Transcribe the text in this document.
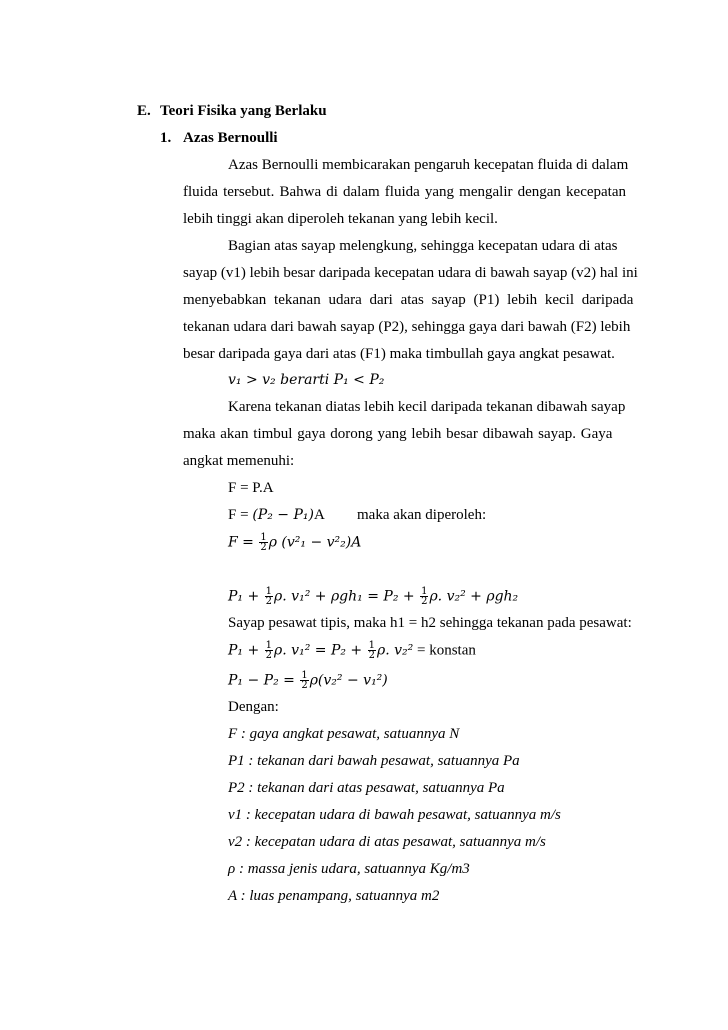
E. Teori Fisika yang Berlaku
1. Azas Bernoulli
Azas Bernoulli membicarakan pengaruh kecepatan fluida di dalam
fluida tersebut. Bahwa di dalam fluida yang mengalir dengan kecepatan
lebih tinggi akan diperoleh tekanan yang lebih kecil.
Bagian atas sayap melengkung, sehingga kecepatan udara di atas
sayap (v1) lebih besar daripada kecepatan udara di bawah sayap (v2) hal ini
menyebabkan tekanan udara dari atas sayap (P1) lebih kecil daripada
tekanan udara dari bawah sayap (P2), sehingga gaya dari bawah (F2) lebih
besar daripada gaya dari atas (F1) maka timbullah gaya angkat pesawat.
v₁ > v₂ berarti P₁ < P₂
Karena tekanan diatas lebih kecil daripada tekanan dibawah sayap
maka akan timbul gaya dorong yang lebih besar dibawah sayap. Gaya
angkat memenuhi:
F = P.A
F = (P₂ − P₁)A maka akan diperoleh:
$F = \frac{1}{2}$ ρ (v²₁ − v²₂)A
$P_1 + \frac{1}{2} \rho$. $v_1^2 + \rho gh_1 = P_2 + \frac{1}{2} \rho$. v₂² + ρgh₂
Sayap pesawat tipis, maka h1 = h2 sehingga tekanan pada pesawat:
$P_1 + \frac{1}{2} \rho$. $v_1^2 = P_2 + \frac{1}{2} \rho$. v₂² = konstan
$P_1 - P_2 = \frac{1}{2} \rho(v_2^2 - v_1^2)$
Dengan:
F : gaya angkat pesawat, satuannya N
P1 : tekanan dari bawah pesawat, satuannya Pa
P2 : tekanan dari atas pesawat, satuannya Pa
v1 : kecepatan udara di bawah pesawat, satuannya m/s
v2 : kecepatan udara di atas pesawat, satuannya m/s
ρ : massa jenis udara, satuannya Kg/m3
A : luas penampang, satuannya m2
